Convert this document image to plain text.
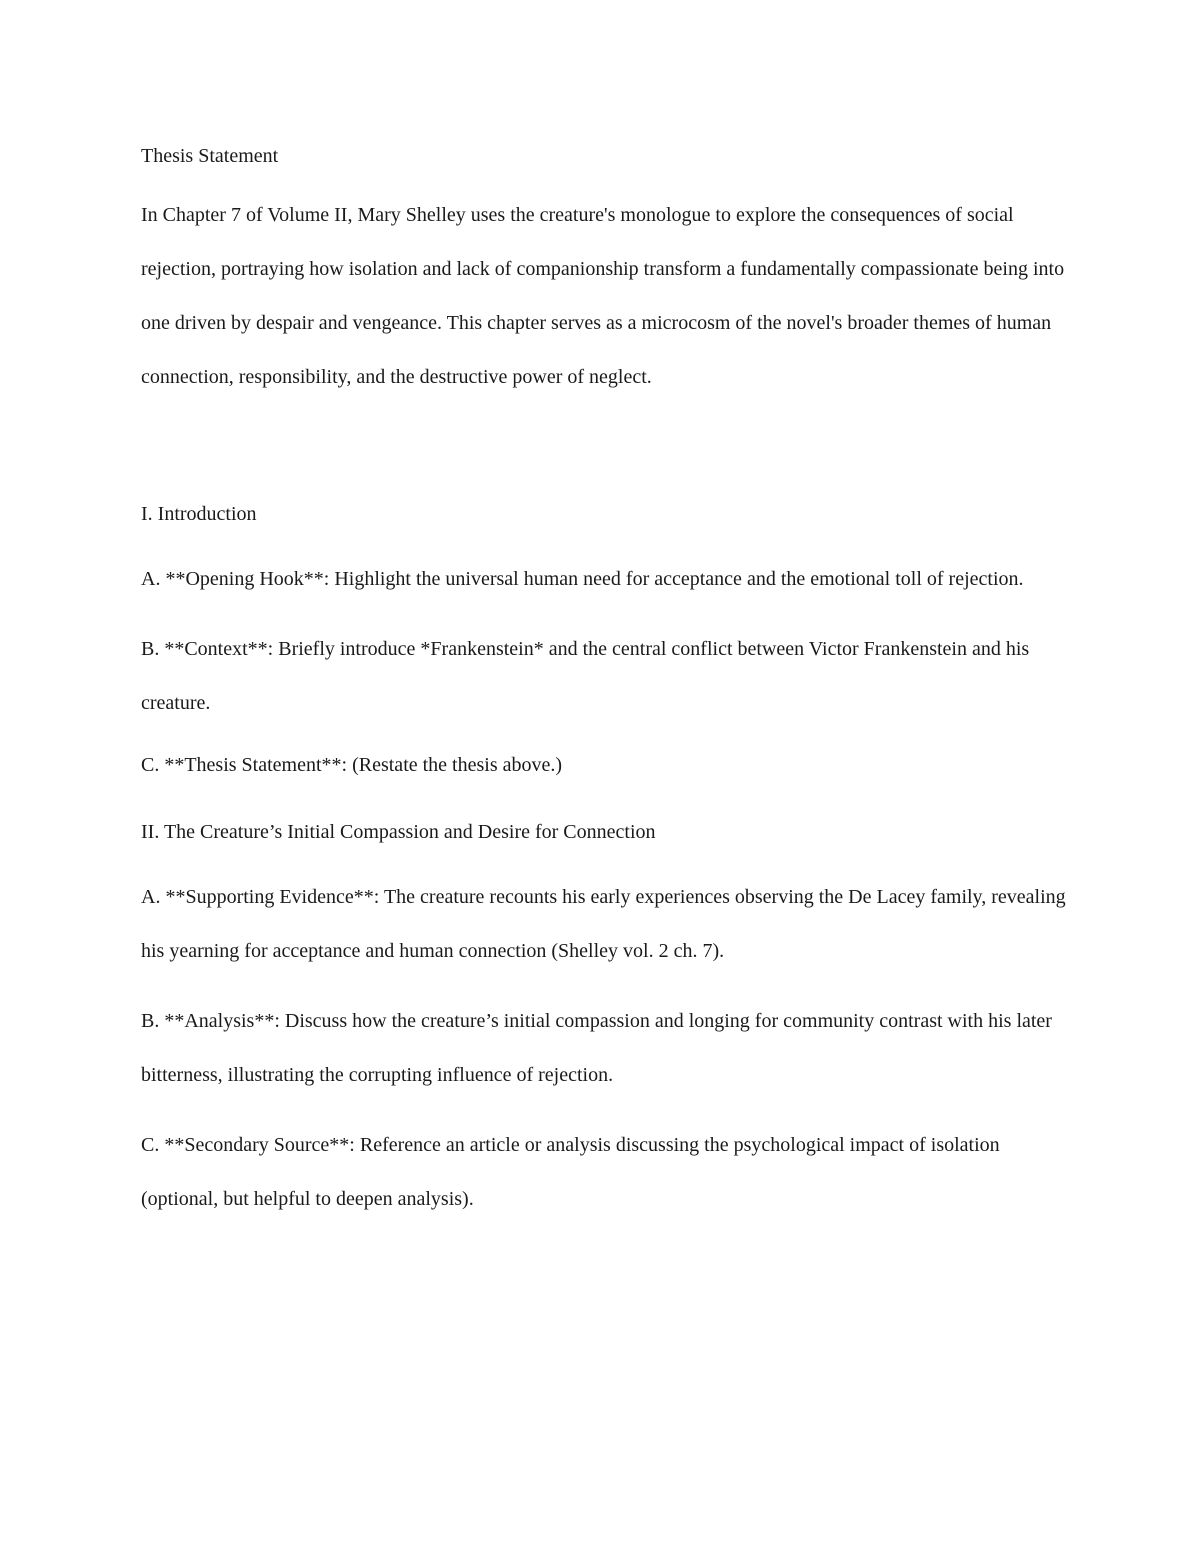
Thesis Statement

In Chapter 7 of Volume II, Mary Shelley uses the creature's monologue to explore the consequences of social rejection, portraying how isolation and lack of companionship transform a fundamentally compassionate being into one driven by despair and vengeance. This chapter serves as a microcosm of the novel's broader themes of human connection, responsibility, and the destructive power of neglect.

I. Introduction

A. **Opening Hook**: Highlight the universal human need for acceptance and the emotional toll of rejection.

B. **Context**: Briefly introduce *Frankenstein* and the central conflict between Victor Frankenstein and his creature.

C. **Thesis Statement**: (Restate the thesis above.)

II. The Creature’s Initial Compassion and Desire for Connection

A. **Supporting Evidence**: The creature recounts his early experiences observing the De Lacey family, revealing his yearning for acceptance and human connection (Shelley vol. 2 ch. 7).

B. **Analysis**: Discuss how the creature’s initial compassion and longing for community contrast with his later bitterness, illustrating the corrupting influence of rejection.

C. **Secondary Source**: Reference an article or analysis discussing the psychological impact of isolation (optional, but helpful to deepen analysis).
